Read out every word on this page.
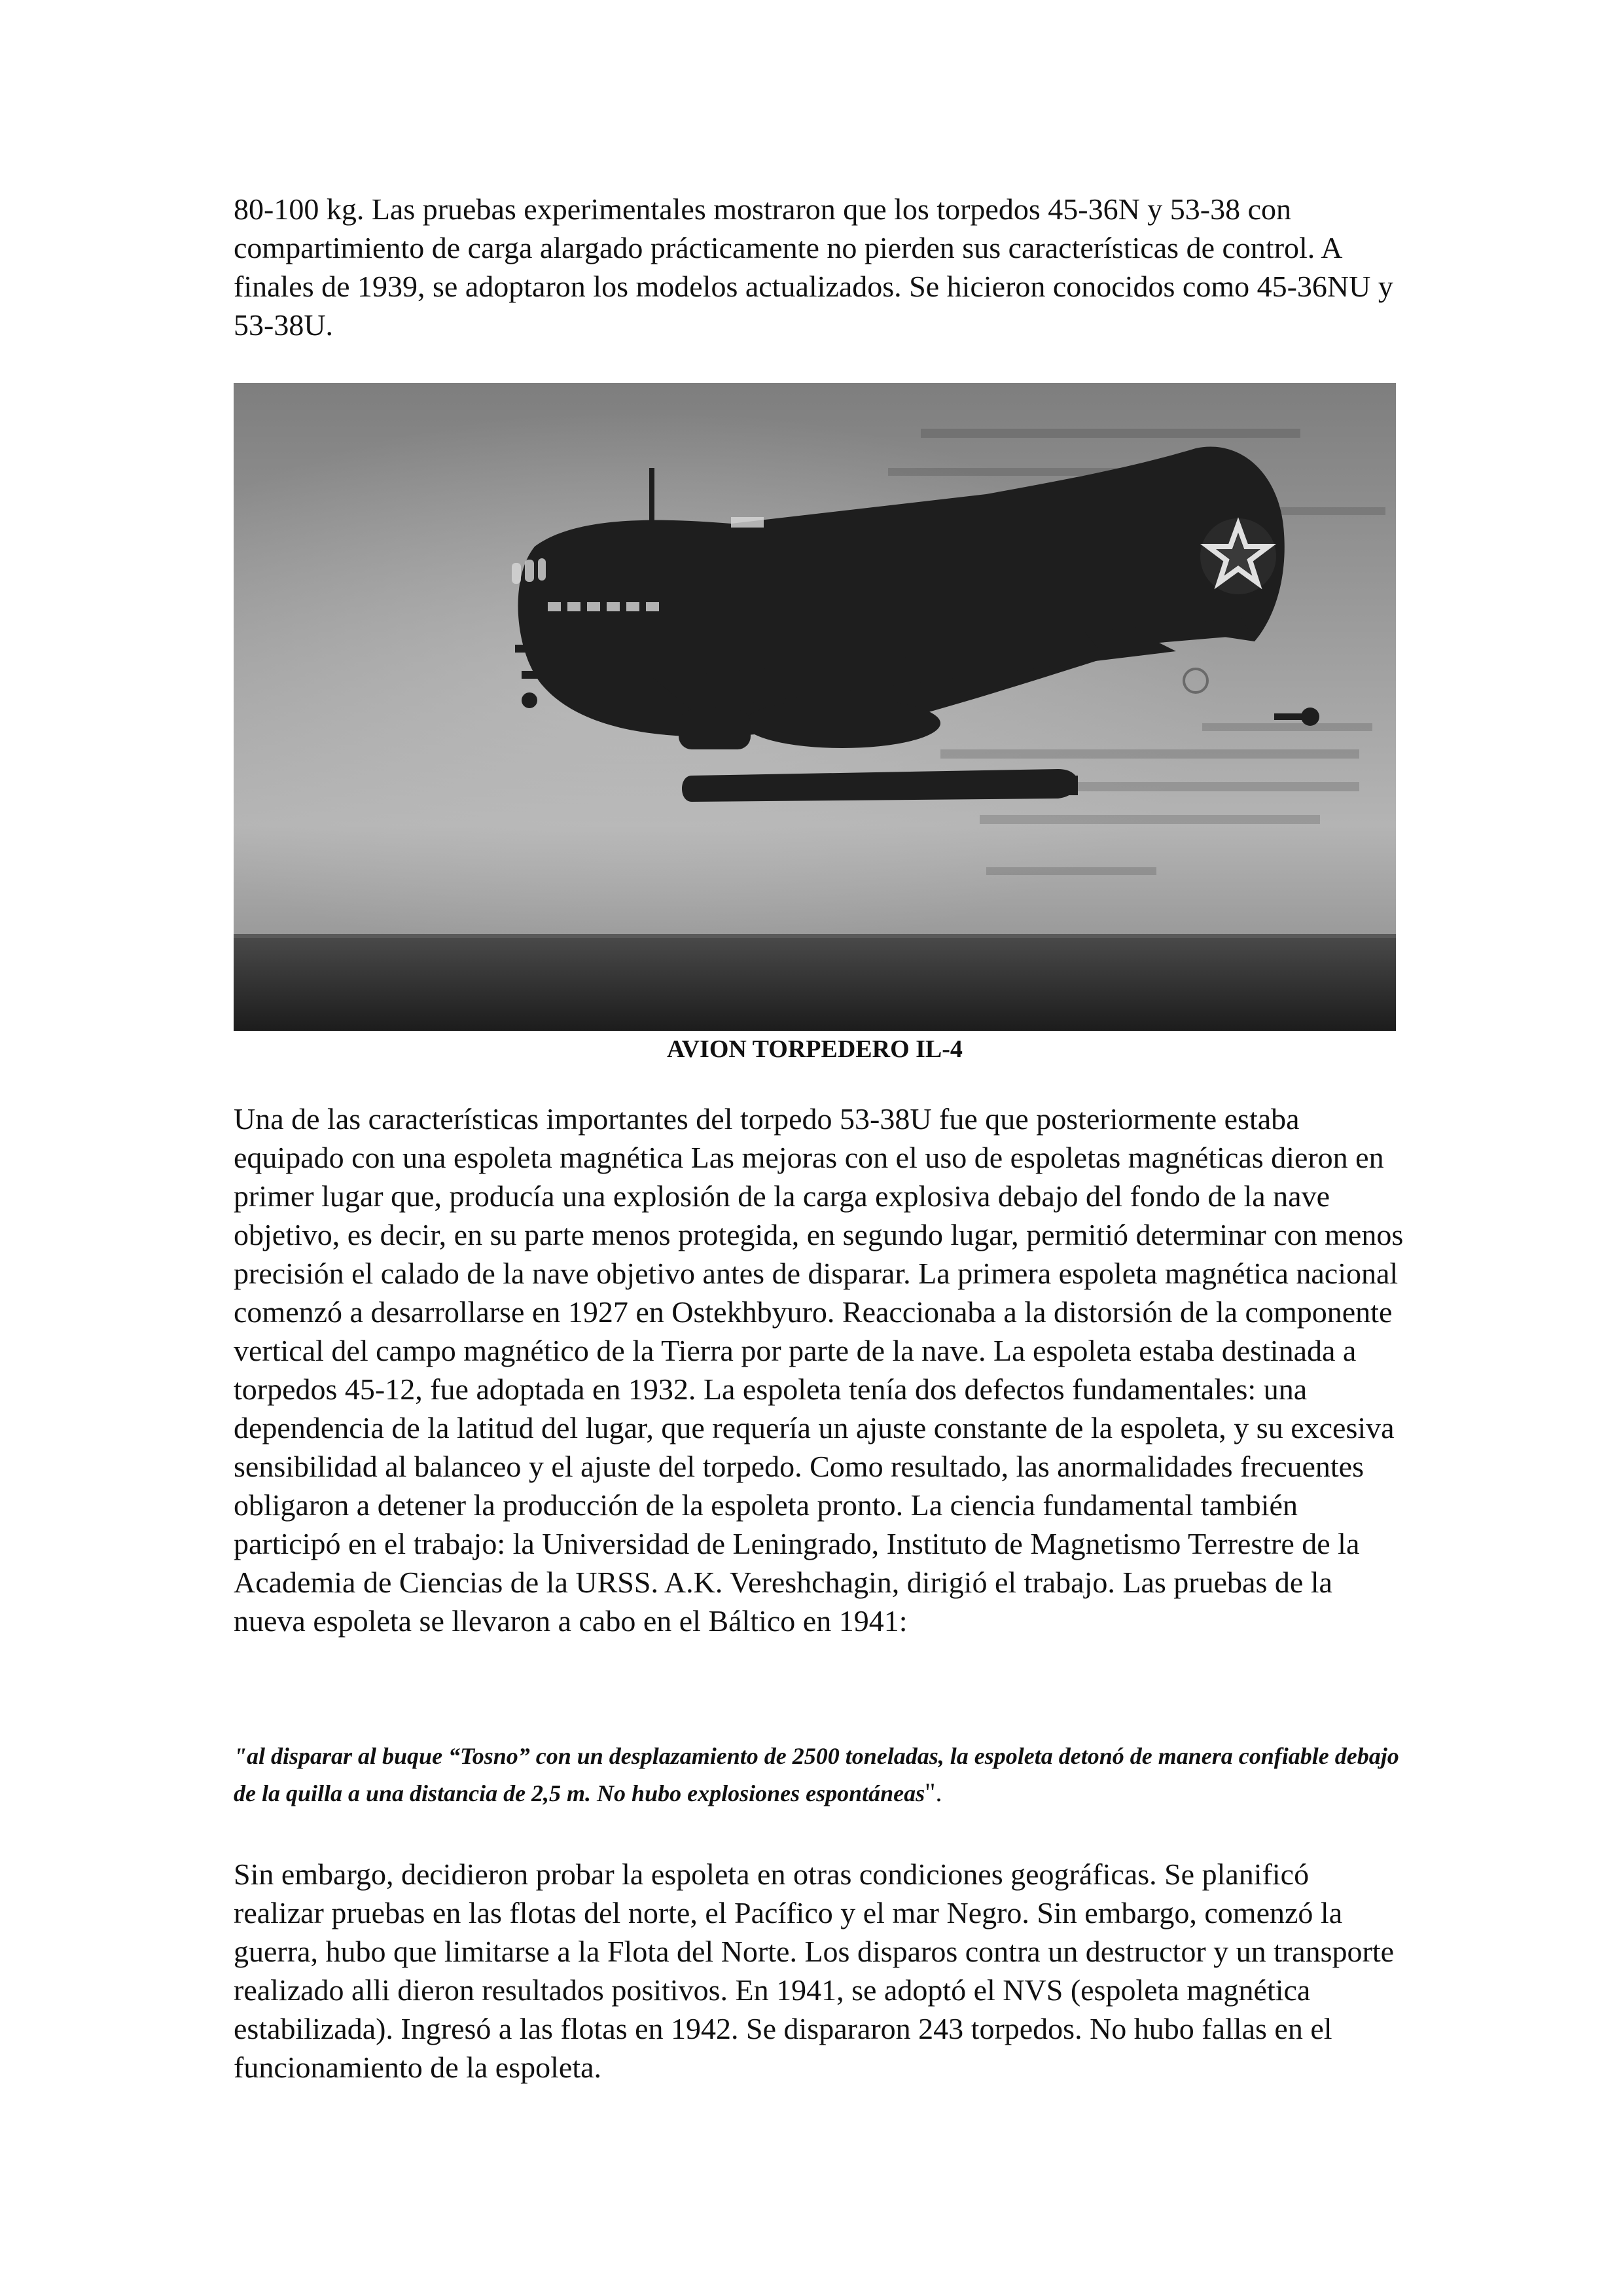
80-100 kg. Las pruebas experimentales mostraron que los torpedos 45-36N y 53-38 con compartimiento de carga alargado prácticamente no pierden sus características de control. A finales de 1939, se adoptaron los modelos actualizados. Se hicieron conocidos como 45-36NU y 53-38U.

AVION TORPEDERO IL-4

Una de las características importantes del torpedo 53-38U fue que posteriormente estaba equipado con una espoleta magnética Las mejoras con el uso de espoletas magnéticas dieron en primer lugar que, producía una explosión de la carga explosiva debajo del fondo de la nave objetivo, es decir, en su parte menos protegida, en segundo lugar, permitió determinar con menos precisión el calado de la nave objetivo antes de disparar. La primera espoleta magnética nacional comenzó a desarrollarse en 1927 en Ostekhbyuro. Reaccionaba a la distorsión de la componente vertical del campo magnético de la Tierra por parte de la nave. La espoleta estaba destinada a torpedos 45-12, fue adoptada en 1932. La espoleta tenía dos defectos fundamentales: una dependencia de la latitud del lugar, que requería un ajuste constante de la espoleta, y su excesiva sensibilidad al balanceo y el ajuste del torpedo. Como resultado, las anormalidades frecuentes obligaron a detener la producción de la espoleta pronto. La ciencia fundamental también participó en el trabajo: la Universidad de Leningrado, Instituto de Magnetismo Terrestre de la Academia de Ciencias de la URSS. A.K. Vereshchagin, dirigió el trabajo. Las pruebas de la nueva espoleta se llevaron a cabo en el Báltico en 1941:

"al disparar al buque “Tosno” con un desplazamiento de 2500 toneladas, la espoleta detonó de manera confiable debajo de la quilla a una distancia de 2,5 m. No hubo explosiones espontáneas".

Sin embargo, decidieron probar la espoleta en otras condiciones geográficas. Se planificó realizar pruebas en las flotas del norte, el Pacífico y el mar Negro. Sin embargo, comenzó la guerra, hubo que limitarse a la Flota del Norte. Los disparos contra un destructor y un transporte realizado alli dieron resultados positivos. En 1941, se adoptó el NVS (espoleta magnética estabilizada). Ingresó a las flotas en 1942. Se dispararon 243 torpedos. No hubo fallas en el funcionamiento de la espoleta.
